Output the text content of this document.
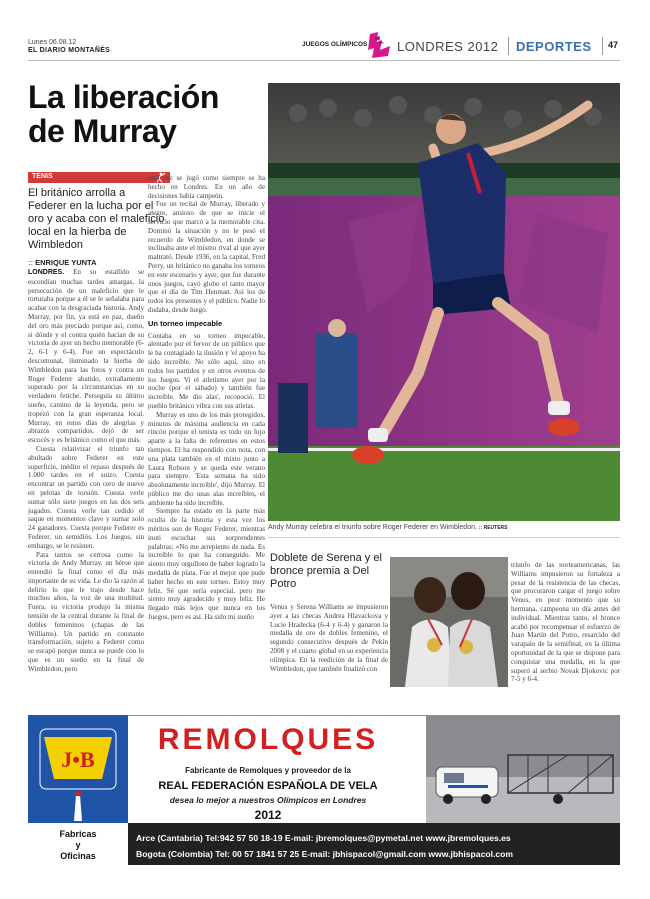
Lunes 06.08.12
EL DIARIO MONTAÑÉS
JUEGOS OLÍMPICOS LONDRES 2012 DEPORTES 47
La liberación
de Murray
TENIS
El británico arrolla a Federer en la lucha por el oro y acaba con el maleficio local en la hierba de Wimbledon
:: ENRIQUE YUNTA
LONDRES. En su estallido se escondían muchas tardes amargas, la persecución de un maleficio que le torturaba porque a él se le señalaba para acabar con la desgraciada historia. Andy Murray, por fin, ya está en paz, dueño del oro más preciado porque así, como, si dónde y el contra quién hacían de su victoria de ayer un hecho memorable (6-2, 6-1 y 6-4). Fue un espectáculo descomunal, iluminado la hierba de Wimbledon para las fotos y contra un Roger Federer abatido, extrañamente superado por la circunstancias en su verdadero fetiche. Perseguía su último sueño, camino de la leyenda, pero se tropezó con la gran esperanza local. Murray, en estos días de alegrías y abrazos compartidos, dejó de ser escocés y es británico como el que más.
Cuesta relativizar el triunfo tan abultado sobre Federer en este superficie, inédito el repaso después de 1.000 tardes en el suizo. Cuesta encontrar un partido con cero de nueve en pelotas de torsión. Cuesta verle sumar sólo siete juegos en las dos sets jugados. Cuesta verle tan cedido el saque en momentos clave y sumar solo 24 ganadores. Cuesta porque Federer es Federer, un semidiós. Los Juegos, sin embargo, se le resisten.
Para tantos se cerrosa como la victoria de Andy Murray, un héroe que entendió la final como el día más importante de su vida. Le dio la razón al delirio lo que le trajo desde hace muchos años, la voz de una multitud. Fuera, su victoria produjo la misma tensión de la central durante la final de dobles femeninos (chapas de las Williams). Un partido en constante transformación, sujeto a Federer como se escapó porque nunca se puede con lo que es un sueño en la final de Wimbledon, pero
esta vez se jugó como siempre se ha hecho en Londres. En un año de decisiones había campeón.
Fue un recital de Murray, liberado y alegre, ansioso de que se inicie el servicio que marcó a la memorable cita. Dominó la situación y no le pesó el recuerdo de Wimbledon, en donde se inclinaba ante el mismo rival al que ayer maltrató. Desde 1936, en la capital, Fred Perry, un británico no ganaba los torneos en este escenario y ayer, que fue durante unos juegos, cayó globo el tanto mayor que el día de Tim Henman. Así los de todos los presentes y el público. Nadie lo dudaba, desde luego.
Un torneo impecable
Contaba en su torneo impecable, alentado por el fervor de un público que le ha contagiado la ilusión y 'el apoyo ha sido increíble. No sólo aquí, sino en todos los partidos y en otros eventos de los Juegos. Vi el atletismo ayer por la noche (por el sábado) y también fue increíble. Me dio alas', reconoció. El pueblo británico vibra con sus atletas.
Murray es uno de los más protegidos, minutos de máxima audiencia en cada rincón porque el tenista es todo un lujo aparte a la falta de referentes en estos tiempos. El ha respondido con nota, con una plata también en el mixto junto a Laura Robson y se queda este verano para siempre. 'Esta semana ha sido absolutamente increíble', dijo Murray. El público me dio unas alas increíbles, el ambiente ha sido increíble.
Siempre ha estado en la parte más oculta de la historia y esta vez los méritos son de Roger Federer, mientras inuti escuchar sus sorprendentes palabras: «No me arrepiento de nada. Es increíble lo que ha conseguido. Me siento muy orgulloso de haber logrado la medalla de plata. Fue el mejor que pude haber hecho en este torneo. Estoy muy feliz. Sé que sería especial, pero me siento muy agradecido y muy feliz. He llegado más lejos que nunca en los Juegos, pero es así. Ha sido mi sueño
Andy Murray celebra el triunfo sobre Roger Federer en Wimbledon. :: REUTERS
Doblete de Serena y el bronce premia a Del Potro
Venus y Serena Williams se impusieron ayer a las checas Andrea Hlavackova y Lucie Hradecka (6-4 y 6-4) y ganaron la medalla de oro de dobles femenino, el segundo consecutivo después de Pekín 2008 y el cuarto global en su experiencia olímpica. En la reedición de la final de Wimbledon, que también finalizó con
triunfo de las norteamericanas, las Williams impusieron su fortaleza a pesar de la resistencia de las checas, que procuraron cargar el juego sobre Venus, en peor momento que su hermana, campeona un día antes del individual. Mientras tanto, el bronce acabó por recompensar el esfuerzo de Juan Martín del Potro, resarcido del varapalo de la semifinal, en la última oportunidad de la que se dispone para conquistar una medalla, en la que superó al serbio Novak Djokovic por 7-5 y 6-4.
J•B
JB
REMOLQUES
Fabricante de Remolques y proveedor de la
REAL FEDERACIÓN ESPAÑOLA DE VELA
desea lo mejor a nuestros Olímpicos en Londres
2012
Fabricas
y
Oficinas
Arce (Cantabria) Tel:942 57 50 18-19 E-mail: jbremolques@pymetal.net www.jbremolques.es
Bogota (Colombia) Tel: 00 57 1841 57 25 E-mail: jbhispacol@gmail.com www.jbhispacol.com
